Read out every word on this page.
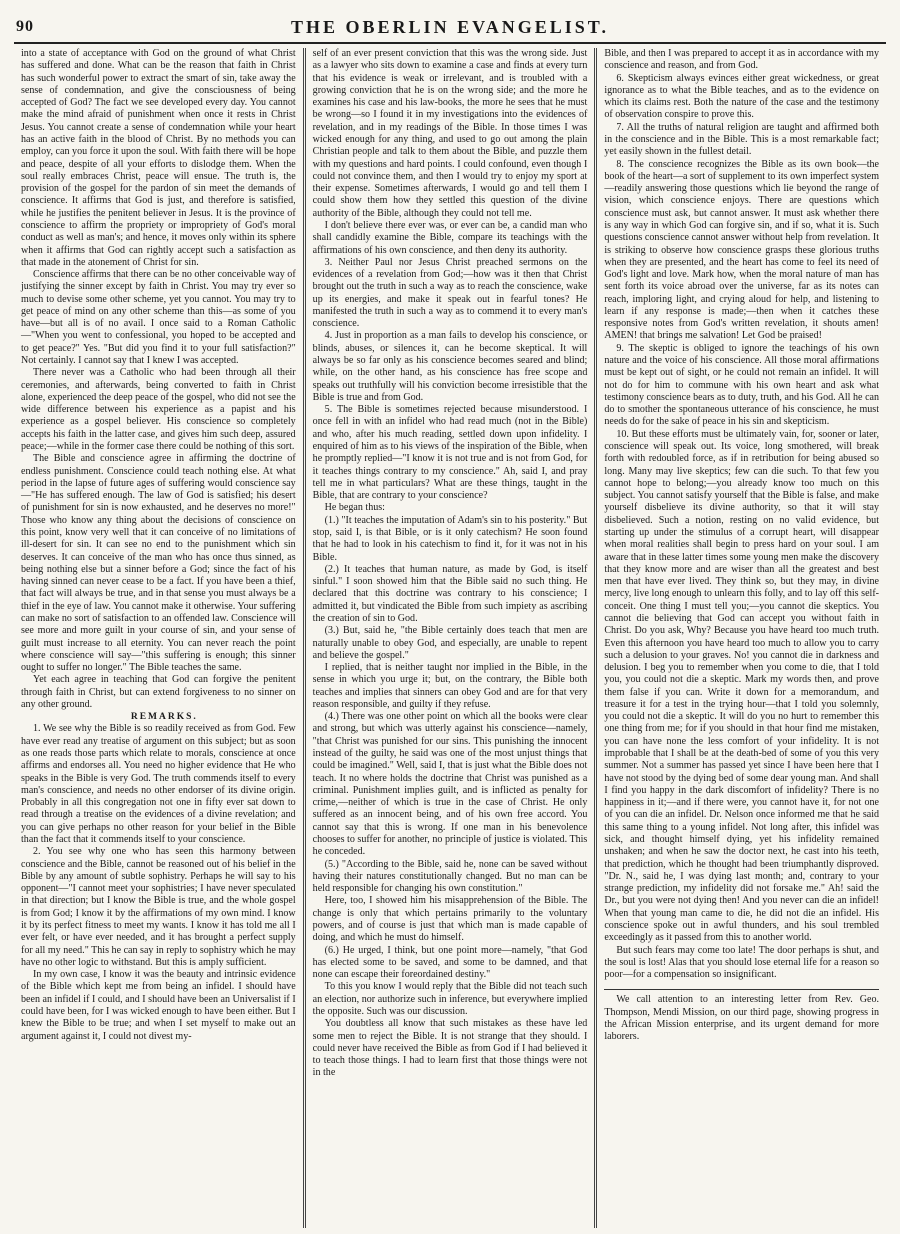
90	THE OBERLIN EVANGELIST.

into a state of acceptance with God on the ground of what Christ has suffered and done. What can be the reason that faith in Christ has such wonderful power to extract the smart of sin, take away the sense of condemnation, and give the consciousness of being accepted of God? The fact we see developed every day. You cannot make the mind afraid of punishment when once it rests in Christ Jesus. You cannot create a sense of condemnation while your heart has an active faith in the blood of Christ. By no methods you can employ, can you force it upon the soul. With faith there will be hope and peace, despite of all your efforts to dislodge them. When the soul really embraces Christ, peace will ensue. The truth is, the provision of the gospel for the pardon of sin meet the demands of conscience. It affirms that God is just, and therefore is satisfied, while he justifies the penitent believer in Jesus. It is the province of conscience to affirm the propriety or impropriety of God's moral conduct as well as man's; and hence, it moves only within its sphere when it affirms that God can rightly accept such a satisfaction as that made in the atonement of Christ for sin.

Conscience affirms that there can be no other conceivable way of justifying the sinner except by faith in Christ. You may try ever so much to devise some other scheme, yet you cannot. You may try to get peace of mind on any other scheme than this—as some of you have—but all is of no avail. I once said to a Roman Catholic—"When you went to confessional, you hoped to be accepted and to get peace?" Yes. "But did you find it to your full satisfaction?" Not certainly. I cannot say that I knew I was accepted.

There never was a Catholic who had been through all their ceremonies, and afterwards, being converted to faith in Christ alone, experienced the deep peace of the gospel, who did not see the wide difference between his experience as a papist and his experience as a gospel believer. His conscience so completely accepts his faith in the latter case, and gives him such deep, assured peace;—while in the former case there could be nothing of this sort.

The Bible and conscience agree in affirming the doctrine of endless punishment. Conscience could teach nothing else. At what period in the lapse of future ages of suffering would conscience say—"He has suffered enough. The law of God is satisfied; his desert of punishment for sin is now exhausted, and he deserves no more!" Those who know any thing about the decisions of conscience on this point, know very well that it can conceive of no limitations of ill-desert for sin. It can see no end to the punishment which sin deserves. It can conceive of the man who has once thus sinned, as being nothing else but a sinner before a God; since the fact of his having sinned can never cease to be a fact. If you have been a thief, that fact will always be true, and in that sense you must always be a thief in the eye of law. You cannot make it otherwise. Your suffering can make no sort of satisfaction to an offended law. Conscience will see more and more guilt in your course of sin, and your sense of guilt must increase to all eternity. You can never reach the point where conscience will say—"this suffering is enough; this sinner ought to suffer no longer." The Bible teaches the same.

Yet each agree in teaching that God can forgive the penitent through faith in Christ, but can extend forgiveness to no sinner on any other ground.

REMARKS.

1. We see why the Bible is so readily received as from God. Few have ever read any treatise of argument on this subject; but as soon as one reads those parts which relate to morals, conscience at once affirms and endorses all. You need no higher evidence that He who speaks in the Bible is very God. The truth commends itself to every man's conscience, and needs no other endorser of its divine origin. Probably in all this congregation not one in fifty ever sat down to read through a treatise on the evidences of a divine revelation; and you can give perhaps no other reason for your belief in the Bible than the fact that it commends itself to your conscience.

2. You see why one who has seen this harmony between conscience and the Bible, cannot be reasoned out of his belief in the Bible by any amount of subtle sophistry. Perhaps he will say to his opponent—"I cannot meet your sophistries; I have never speculated in that direction; but I know the Bible is true, and the whole gospel is from God; I know it by the affirmations of my own mind. I know it by its perfect fitness to meet my wants. I know it has told me all I ever felt, or have ever needed, and it has brought a perfect supply for all my need." This he can say in reply to sophistry which he may have no other logic to withstand. But this is amply sufficient.

In my own case, I know it was the beauty and intrinsic evidence of the Bible which kept me from being an infidel. I should have been an infidel if I could, and I should have been an Universalist if I could have been, for I was wicked enough to have been either. But I knew the Bible to be true; and when I set myself to make out an argument against it, I could not divest my-

self of an ever present conviction that this was the wrong side. Just as a lawyer who sits down to examine a case and finds at every turn that his evidence is weak or irrelevant, and is troubled with a growing conviction that he is on the wrong side; and the more he examines his case and his law-books, the more he sees that he must be wrong—so I found it in my investigations into the evidences of revelation, and in my readings of the Bible. In those times I was wicked enough for any thing, and used to go out among the plain Christian people and talk to them about the Bible, and puzzle them with my questions and hard points. I could confound, even though I could not convince them, and then I would try to enjoy my sport at their expense. Sometimes afterwards, I would go and tell them I could show them how they settled this question of the divine authority of the Bible, although they could not tell me.

I don't believe there ever was, or ever can be, a candid man who shall candidly examine the Bible, compare its teachings with the affirmations of his own conscience, and then deny its authority.

3. Neither Paul nor Jesus Christ preached sermons on the evidences of a revelation from God;—how was it then that Christ brought out the truth in such a way as to reach the conscience, wake up its energies, and make it speak out in fearful tones? He manifested the truth in such a way as to commend it to every man's conscience.

4. Just in proportion as a man fails to develop his conscience, or blinds, abuses, or silences it, can he become skeptical. It will always be so far only as his conscience becomes seared and blind; while, on the other hand, as his conscience has free scope and speaks out truthfully will his conviction become irresistible that the Bible is true and from God.

5. The Bible is sometimes rejected because misunderstood. I once fell in with an infidel who had read much (not in the Bible) and who, after his much reading, settled down upon infidelity. I enquired of him as to his views of the inspiration of the Bible, when he promptly replied—"I know it is not true and is not from God, for it teaches things contrary to my conscience." Ah, said I, and pray tell me in what particulars? What are these things, taught in the Bible, that are contrary to your conscience?

He began thus:

(1.) "It teaches the imputation of Adam's sin to his posterity." But stop, said I, is that Bible, or is it only catechism? He soon found that he had to look in his catechism to find it, for it was not in his Bible.

(2.) It teaches that human nature, as made by God, is itself sinful." I soon showed him that the Bible said no such thing. He declared that this doctrine was contrary to his conscience; I admitted it, but vindicated the Bible from such impiety as ascribing the creation of sin to God.

(3.) But, said he, "the Bible certainly does teach that men are naturally unable to obey God, and especially, are unable to repent and believe the gospel."

I replied, that is neither taught nor implied in the Bible, in the sense in which you urge it; but, on the contrary, the Bible both teaches and implies that sinners can obey God and are for that very reason responsible, and guilty if they refuse.

(4.) There was one other point on which all the books were clear and strong, but which was utterly against his conscience—namely, "that Christ was punished for our sins. This punishing the innocent instead of the guilty, he said was one of the most unjust things that could be imagined." Well, said I, that is just what the Bible does not teach. It no where holds the doctrine that Christ was punished as a criminal. Punishment implies guilt, and is inflicted as penalty for crime,—neither of which is true in the case of Christ. He only suffered as an innocent being, and of his own free accord. You cannot say that this is wrong. If one man in his benevolence chooses to suffer for another, no principle of justice is violated. This he conceded.

(5.) "According to the Bible, said he, none can be saved without having their natures constitutionally changed. But no man can be held responsible for changing his own constitution."

Here, too, I showed him his misapprehension of the Bible. The change is only that which pertains primarily to the voluntary powers, and of course is just that which man is made capable of doing, and which he must do himself.

(6.) He urged, I think, but one point more—namely, "that God has elected some to be saved, and some to be damned, and that none can escape their foreordained destiny."

To this you know I would reply that the Bible did not teach such an election, nor authorize such in inference, but everywhere implied the opposite. Such was our discussion.

You doubtless all know that such mistakes as these have led some men to reject the Bible. It is not strange that they should. I could never have received the Bible as from God if I had believed it to teach those things. I had to learn first that those things were not in the

Bible, and then I was prepared to accept it as in accordance with my conscience and reason, and from God.

6. Skepticism always evinces either great wickedness, or great ignorance as to what the Bible teaches, and as to the evidence on which its claims rest. Both the nature of the case and the testimony of observation conspire to prove this.

7. All the truths of natural religion are taught and affirmed both in the conscience and in the Bible. This is a most remarkable fact; yet easily shown in the fullest detail.

8. The conscience recognizes the Bible as its own book—the book of the heart—a sort of supplement to its own imperfect system—readily answering those questions which lie beyond the range of vision, which conscience enjoys. There are questions which conscience must ask, but cannot answer. It must ask whether there is any way in which God can forgive sin, and if so, what it is. Such questions conscience cannot answer without help from revelation. It is striking to observe how conscience grasps these glorious truths when they are presented, and the heart has come to feel its need of God's light and love. Mark how, when the moral nature of man has sent forth its voice abroad over the universe, far as its notes can reach, imploring light, and crying aloud for help, and listening to learn if any response is made;—then when it catches these responsive notes from God's written revelation, it shouts amen! AMEN! that brings me salvation! Let God be praised!

9. The skeptic is obliged to ignore the teachings of his own nature and the voice of his conscience. All those moral affirmations must be kept out of sight, or he could not remain an infidel. It will not do for him to commune with his own heart and ask what testimony conscience bears as to duty, truth, and his God. All he can do to smother the spontaneous utterance of his conscience, he must needs do for the sake of peace in his sin and skepticism.

10. But these efforts must be ultimately vain, for, sooner or later, conscience will speak out. Its voice, long smothered, will break forth with redoubled force, as if in retribution for being abused so long. Many may live skeptics; few can die such. To that few you cannot hope to belong;—you already know too much on this subject. You cannot satisfy yourself that the Bible is false, and make yourself disbelieve its divine authority, so that it will stay disbelieved. Such a notion, resting on no valid evidence, but starting up under the stimulus of a corrupt heart, will disappear when moral realities shall begin to press hard on your soul. I am aware that in these latter times some young men make the discovery that they know more and are wiser than all the greatest and best men that have ever lived. They think so, but they may, in divine mercy, live long enough to unlearn this folly, and to lay off this self-conceit. One thing I must tell you;—you cannot die skeptics. You cannot die believing that God can accept you without faith in Christ. Do you ask, Why? Because you have heard too much truth. Even this afternoon you have heard too much to allow you to carry such a delusion to your graves. No! you cannot die in darkness and delusion. I beg you to remember when you come to die, that I told you, you could not die a skeptic. Mark my words then, and prove them false if you can. Write it down for a memorandum, and treasure it for a test in the trying hour—that I told you solemnly, you could not die a skeptic. It will do you no hurt to remember this one thing from me; for if you should in that hour find me mistaken, you can have none the less comfort of your infidelity. It is not improbable that I shall be at the death-bed of some of you this very summer. Not a summer has passed yet since I have been here that I have not stood by the dying bed of some dear young man. And shall I find you happy in the dark discomfort of infidelity? There is no happiness in it;—and if there were, you cannot have it, for not one of you can die an infidel. Dr. Nelson once informed me that he said this same thing to a young infidel. Not long after, this infidel was sick, and thought himself dying, yet his infidelity remained unshaken; and when he saw the doctor next, he cast into his teeth, that prediction, which he thought had been triumphantly disproved. "Dr. N., said he, I was dying last month; and, contrary to your strange prediction, my infidelity did not forsake me." Ah! said the Dr., but you were not dying then! And you never can die an infidel! When that young man came to die, he did not die an infidel. His conscience spoke out in awful thunders, and his soul trembled exceedingly as it passed from this to another world.

But such fears may come too late! The door perhaps is shut, and the soul is lost! Alas that you should lose eternal life for a reason so poor—for a compensation so insignificant.

We call attention to an interesting letter from Rev. Geo. Thompson, Mendi Mission, on our third page, showing progress in the African Mission enterprise, and its urgent demand for more laborers.
